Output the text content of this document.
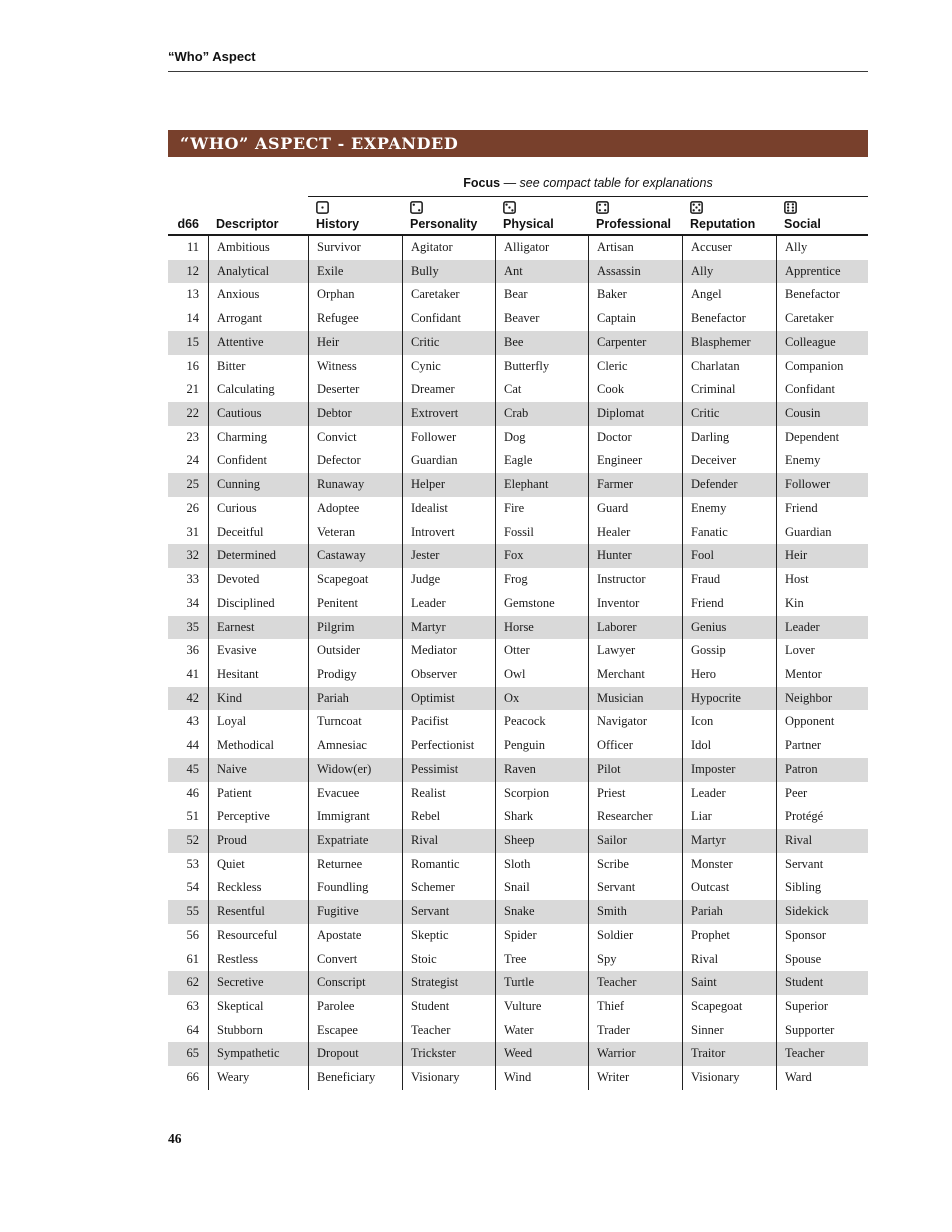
“Who” Aspect
“WHO” ASPECT - EXPANDED
Focus — see compact table for explanations
d66 Descriptor	History	Personality	Physical	Professional	Reputation	Social
11	Ambitious	Survivor	Agitator	Alligator	Artisan	Accuser	Ally
12	Analytical	Exile	Bully	Ant	Assassin	Ally	Apprentice
13	Anxious	Orphan	Caretaker	Bear	Baker	Angel	Benefactor
14	Arrogant	Refugee	Confidant	Beaver	Captain	Benefactor	Caretaker
15	Attentive	Heir	Critic	Bee	Carpenter	Blasphemer	Colleague
16	Bitter	Witness	Cynic	Butterfly	Cleric	Charlatan	Companion
21	Calculating	Deserter	Dreamer	Cat	Cook	Criminal	Confidant
22	Cautious	Debtor	Extrovert	Crab	Diplomat	Critic	Cousin
23	Charming	Convict	Follower	Dog	Doctor	Darling	Dependent
24	Confident	Defector	Guardian	Eagle	Engineer	Deceiver	Enemy
25	Cunning	Runaway	Helper	Elephant	Farmer	Defender	Follower
26	Curious	Adoptee	Idealist	Fire	Guard	Enemy	Friend
31	Deceitful	Veteran	Introvert	Fossil	Healer	Fanatic	Guardian
32	Determined	Castaway	Jester	Fox	Hunter	Fool	Heir
33	Devoted	Scapegoat	Judge	Frog	Instructor	Fraud	Host
34	Disciplined	Penitent	Leader	Gemstone	Inventor	Friend	Kin
35	Earnest	Pilgrim	Martyr	Horse	Laborer	Genius	Leader
36	Evasive	Outsider	Mediator	Otter	Lawyer	Gossip	Lover
41	Hesitant	Prodigy	Observer	Owl	Merchant	Hero	Mentor
42	Kind	Pariah	Optimist	Ox	Musician	Hypocrite	Neighbor
43	Loyal	Turncoat	Pacifist	Peacock	Navigator	Icon	Opponent
44	Methodical	Amnesiac	Perfectionist	Penguin	Officer	Idol	Partner
45	Naive	Widow(er)	Pessimist	Raven	Pilot	Imposter	Patron
46	Patient	Evacuee	Realist	Scorpion	Priest	Leader	Peer
51	Perceptive	Immigrant	Rebel	Shark	Researcher	Liar	Protégé
52	Proud	Expatriate	Rival	Sheep	Sailor	Martyr	Rival
53	Quiet	Returnee	Romantic	Sloth	Scribe	Monster	Servant
54	Reckless	Foundling	Schemer	Snail	Servant	Outcast	Sibling
55	Resentful	Fugitive	Servant	Snake	Smith	Pariah	Sidekick
56	Resourceful	Apostate	Skeptic	Spider	Soldier	Prophet	Sponsor
61	Restless	Convert	Stoic	Tree	Spy	Rival	Spouse
62	Secretive	Conscript	Strategist	Turtle	Teacher	Saint	Student
63	Skeptical	Parolee	Student	Vulture	Thief	Scapegoat	Superior
64	Stubborn	Escapee	Teacher	Water	Trader	Sinner	Supporter
65	Sympathetic	Dropout	Trickster	Weed	Warrior	Traitor	Teacher
66	Weary	Beneficiary	Visionary	Wind	Writer	Visionary	Ward
46
